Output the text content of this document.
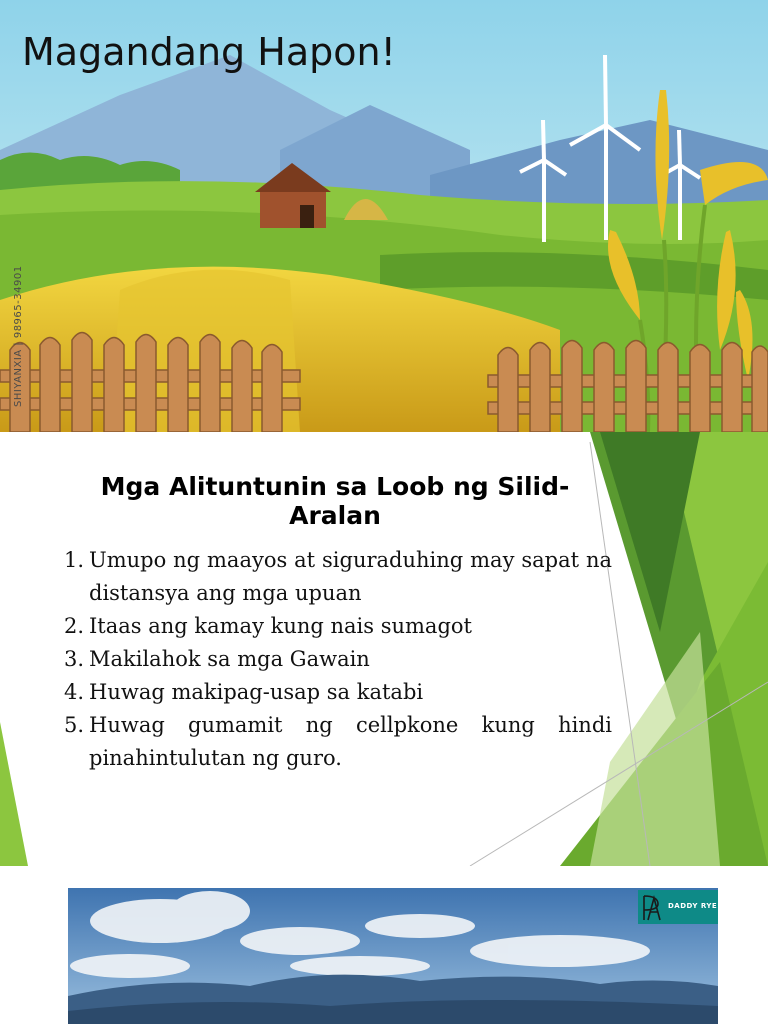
Magandang Hapon!
SHIYANXIA | 98965-34901
Mga Alituntunin sa Loob ng Silid-Aralan
1. Umupo ng maayos at siguraduhing may sapat na distansya ang mga upuan
2. Itaas ang kamay kung nais sumagot
3. Makilahok sa mga Gawain
4. Huwag makipag-usap sa katabi
5. Huwag gumamit ng cellpkone kung hindi pinahintulutan ng guro.
DADDY RYE
